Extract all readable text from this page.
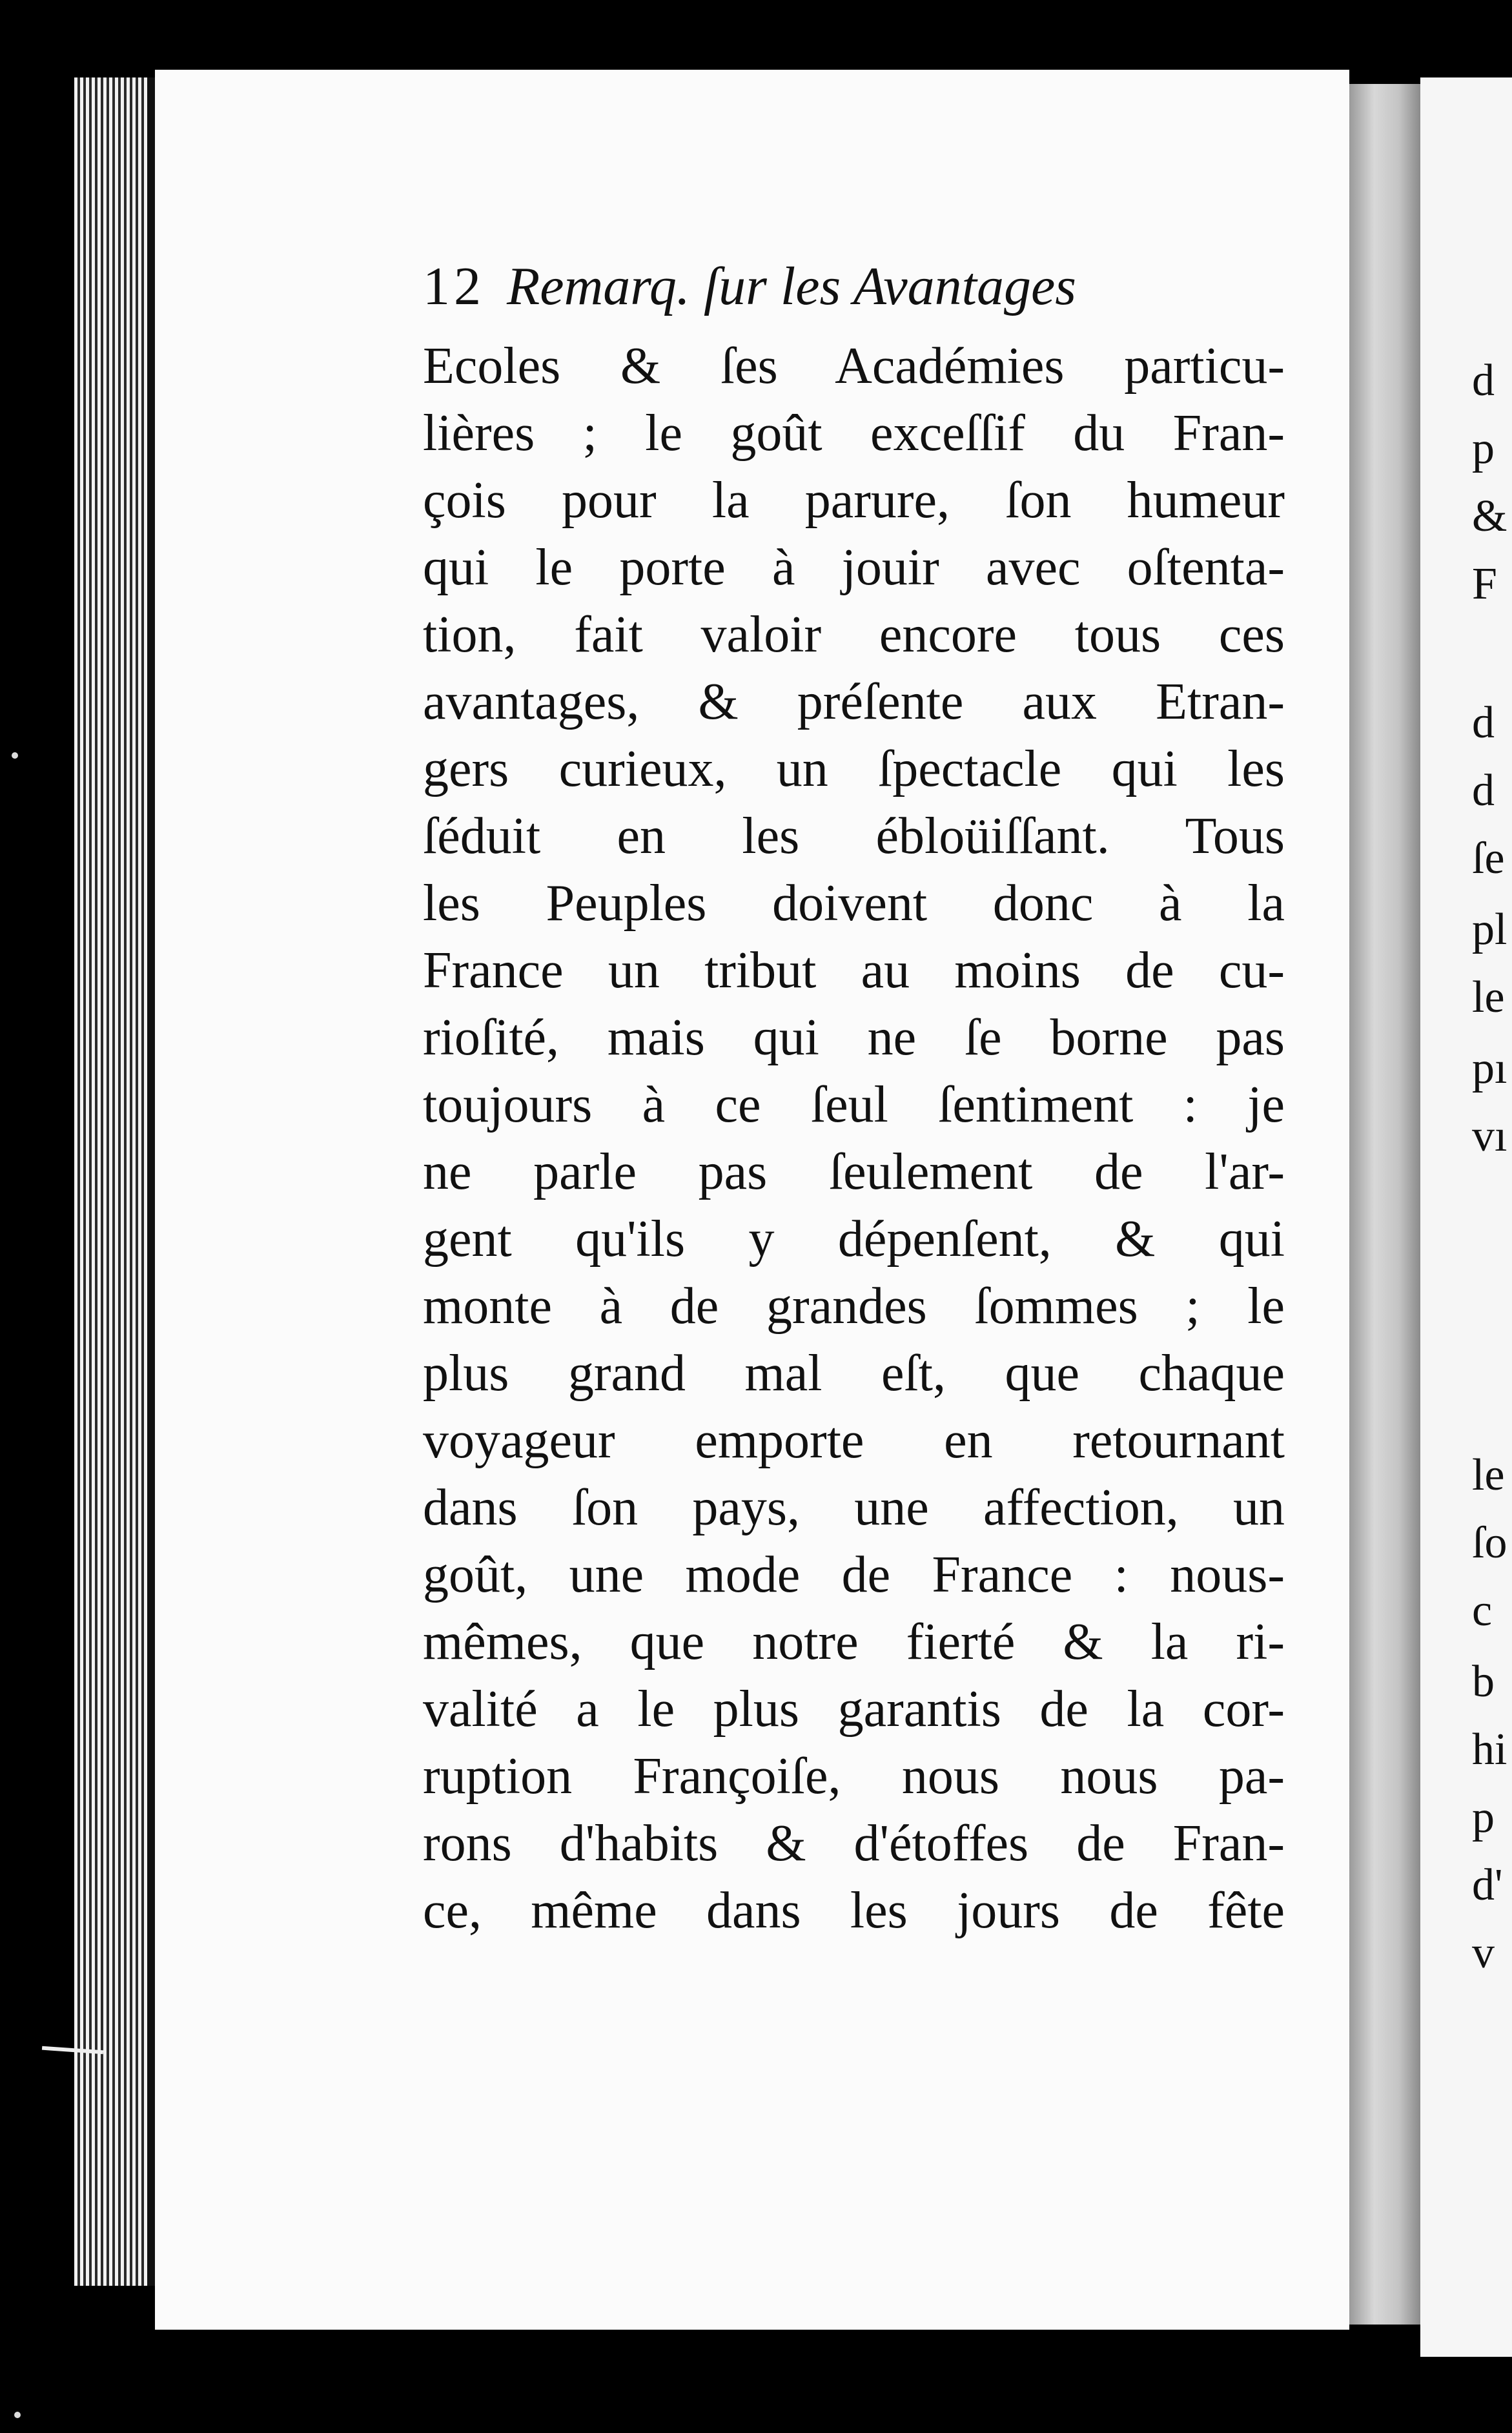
12 Remarq. ſur les Avantages
Ecoles & ſes Académies particu-
lières ; le goût exceſſif du Fran-
çois pour la parure, ſon humeur
qui le porte à jouir avec oſtenta-
tion, fait valoir encore tous ces
avantages, & préſente aux Etran-
gers curieux, un ſpectacle qui les
ſéduit en les ébloüiſſant. Tous
les Peuples doivent donc à la
France un tribut au moins de cu-
rioſité, mais qui ne ſe borne pas
toujours à ce ſeul ſentiment : je
ne parle pas ſeulement de l'ar-
gent qu'ils y dépenſent, & qui
monte à de grandes ſommes ; le
plus grand mal eſt, que chaque
voyageur emporte en retournant
dans ſon pays, une affection, un
goût, une mode de France : nous-
mêmes, que notre fierté & la ri-
valité a le plus garantis de la cor-
ruption Françoiſe, nous nous pa-
rons d'habits & d'étoffes de Fran-
ce, même dans les jours de fête
d
p
&
F
d
d
ſe
pl
le
pı
vı
le
ſo
c
b
hi
p
d'
v
